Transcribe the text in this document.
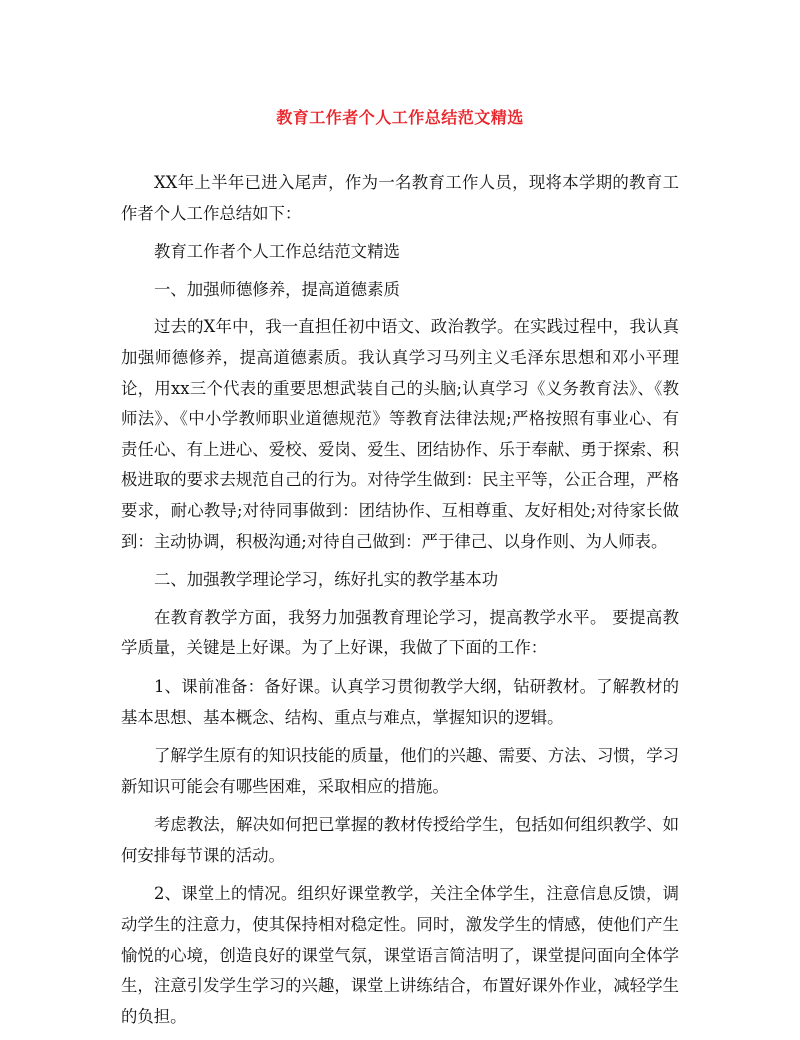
教育工作者个人工作总结范文精选

XX年上半年已进入尾声，作为一名教育工作人员，现将本学期的教育工作者个人工作总结如下：

教育工作者个人工作总结范文精选

一、加强师德修养，提高道德素质

过去的X年中，我一直担任初中语文、政治教学。在实践过程中，我认真加强师德修养，提高道德素质。我认真学习马列主义毛泽东思想和邓小平理论，用xx三个代表的重要思想武装自己的头脑;认真学习《义务教育法》、《教师法》、《中小学教师职业道德规范》等教育法律法规;严格按照有事业心、有责任心、有上进心、爱校、爱岗、爱生、团结协作、乐于奉献、勇于探索、积极进取的要求去规范自己的行为。对待学生做到：民主平等，公正合理，严格要求，耐心教导;对待同事做到：团结协作、互相尊重、友好相处;对待家长做到：主动协调，积极沟通;对待自己做到：严于律己、以身作则、为人师表。

二、加强教学理论学习，练好扎实的教学基本功

在教育教学方面，我努力加强教育理论学习，提高教学水平。 要提高教学质量，关键是上好课。为了上好课，我做了下面的工作：

1、课前准备：备好课。认真学习贯彻教学大纲，钻研教材。了解教材的基本思想、基本概念、结构、重点与难点，掌握知识的逻辑。

了解学生原有的知识技能的质量，他们的兴趣、需要、方法、习惯，学习新知识可能会有哪些困难，采取相应的措施。

考虑教法，解决如何把已掌握的教材传授给学生，包括如何组织教学、如何安排每节课的活动。

2、课堂上的情况。组织好课堂教学，关注全体学生，注意信息反馈，调动学生的注意力，使其保持相对稳定性。同时，激发学生的情感，使他们产生愉悦的心境，创造良好的课堂气氛，课堂语言简洁明了，课堂提问面向全体学生，注意引发学生学习的兴趣，课堂上讲练结合，布置好课外作业，减轻学生的负担。
